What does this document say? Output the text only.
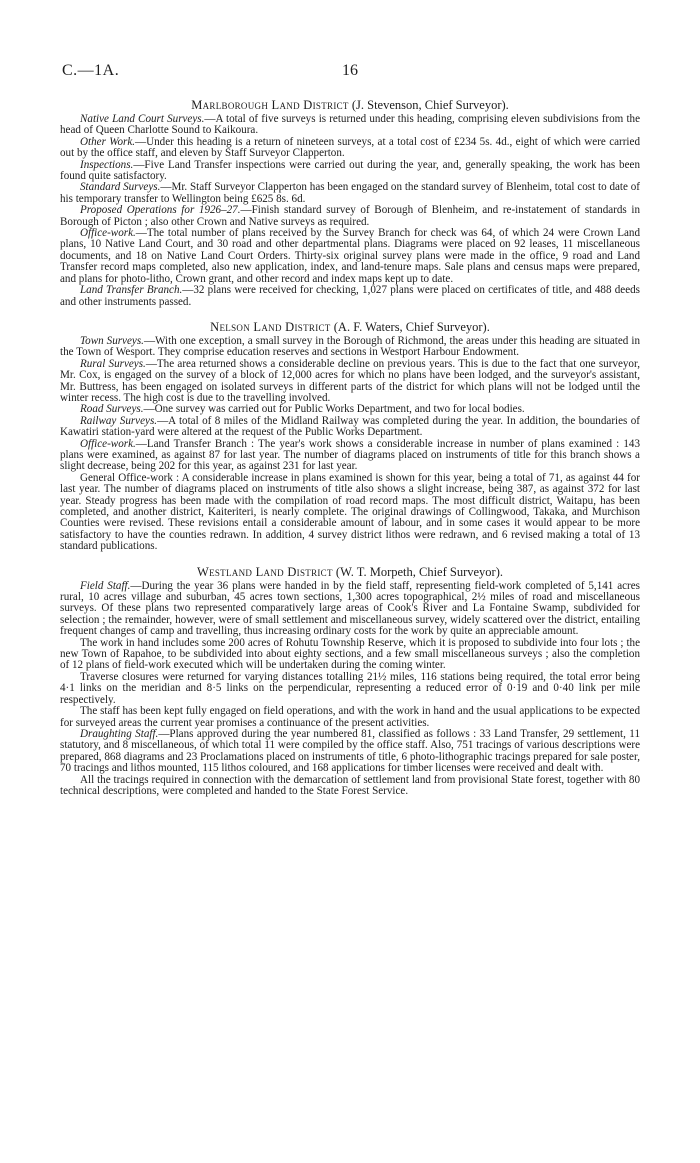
C.—1A.	16
Marlborough Land District (J. Stevenson, Chief Surveyor).

Native Land Court Surveys.—A total of five surveys is returned under this heading, comprising eleven subdivisions from the head of Queen Charlotte Sound to Kaikoura.

Other Work.—Under this heading is a return of nineteen surveys, at a total cost of £234 5s. 4d., eight of which were carried out by the office staff, and eleven by Staff Surveyor Clapperton.

Inspections.—Five Land Transfer inspections were carried out during the year, and, generally speaking, the work has been found quite satisfactory.

Standard Surveys.—Mr. Staff Surveyor Clapperton has been engaged on the standard survey of Blenheim, total cost to date of his temporary transfer to Wellington being £625 8s. 6d.

Proposed Operations for 1926–27.—Finish standard survey of Borough of Blenheim, and re-instatement of standards in Borough of Picton ; also other Crown and Native surveys as required.

Office-work.—The total number of plans received by the Survey Branch for check was 64, of which 24 were Crown Land plans, 10 Native Land Court, and 30 road and other departmental plans. Diagrams were placed on 92 leases, 11 miscellaneous documents, and 18 on Native Land Court Orders. Thirty-six original survey plans were made in the office, 9 road and Land Transfer record maps completed, also new application, index, and land-tenure maps. Sale plans and census maps were prepared, and plans for photo-litho, Crown grant, and other record and index maps kept up to date.

Land Transfer Branch.—32 plans were received for checking, 1,027 plans were placed on certificates of title, and 488 deeds and other instruments passed.

Nelson Land District (A. F. Waters, Chief Surveyor).

Town Surveys.—With one exception, a small survey in the Borough of Richmond, the areas under this heading are situated in the Town of Wesport. They comprise education reserves and sections in Westport Harbour Endowment.

Rural Surveys.—The area returned shows a considerable decline on previous years. This is due to the fact that one surveyor, Mr. Cox, is engaged on the survey of a block of 12,000 acres for which no plans have been lodged, and the surveyor's assistant, Mr. Buttress, has been engaged on isolated surveys in different parts of the district for which plans will not be lodged until the winter recess. The high cost is due to the travelling involved.

Road Surveys.—One survey was carried out for Public Works Department, and two for local bodies.

Railway Surveys.—A total of 8 miles of the Midland Railway was completed during the year. In addition, the boundaries of Kawatiri station-yard were altered at the request of the Public Works Department.

Office-work.—Land Transfer Branch : The year's work shows a considerable increase in number of plans examined : 143 plans were examined, as against 87 for last year. The number of diagrams placed on instruments of title for this branch shows a slight decrease, being 202 for this year, as against 231 for last year.

General Office-work : A considerable increase in plans examined is shown for this year, being a total of 71, as against 44 for last year. The number of diagrams placed on instruments of title also shows a slight increase, being 387, as against 372 for last year. Steady progress has been made with the compilation of road record maps. The most difficult district, Waitapu, has been completed, and another district, Kaiteriteri, is nearly complete. The original drawings of Collingwood, Takaka, and Murchison Counties were revised. These revisions entail a considerable amount of labour, and in some cases it would appear to be more satisfactory to have the counties redrawn. In addition, 4 survey district lithos were redrawn, and 6 revised making a total of 13 standard publications.

Westland Land District (W. T. Morpeth, Chief Surveyor).

Field Staff.—During the year 36 plans were handed in by the field staff, representing field-work completed of 5,141 acres rural, 10 acres village and suburban, 45 acres town sections, 1,300 acres topographical, 2½ miles of road and miscellaneous surveys. Of these plans two represented comparatively large areas of Cook's River and La Fontaine Swamp, subdivided for selection ; the remainder, however, were of small settlement and miscellaneous survey, widely scattered over the district, entailing frequent changes of camp and travelling, thus increasing ordinary costs for the work by quite an appreciable amount.

The work in hand includes some 200 acres of Rohutu Township Reserve, which it is proposed to subdivide into four lots ; the new Town of Rapahoe, to be subdivided into about eighty sections, and a few small miscellaneous surveys ; also the completion of 12 plans of field-work executed which will be undertaken during the coming winter.

Traverse closures were returned for varying distances totalling 21½ miles, 116 stations being required, the total error being 4·1 links on the meridian and 8·5 links on the perpendicular, representing a reduced error of 0·19 and 0·40 link per mile respectively.

The staff has been kept fully engaged on field operations, and with the work in hand and the usual applications to be expected for surveyed areas the current year promises a continuance of the present activities.

Draughting Staff.—Plans approved during the year numbered 81, classified as follows : 33 Land Transfer, 29 settlement, 11 statutory, and 8 miscellaneous, of which total 11 were compiled by the office staff. Also, 751 tracings of various descriptions were prepared, 868 diagrams and 23 Proclamations placed on instruments of title, 6 photo-lithographic tracings prepared for sale poster, 70 tracings and lithos mounted, 115 lithos coloured, and 168 applications for timber licenses were received and dealt with.

All the tracings required in connection with the demarcation of settlement land from provisional State forest, together with 80 technical descriptions, were completed and handed to the State Forest Service.
